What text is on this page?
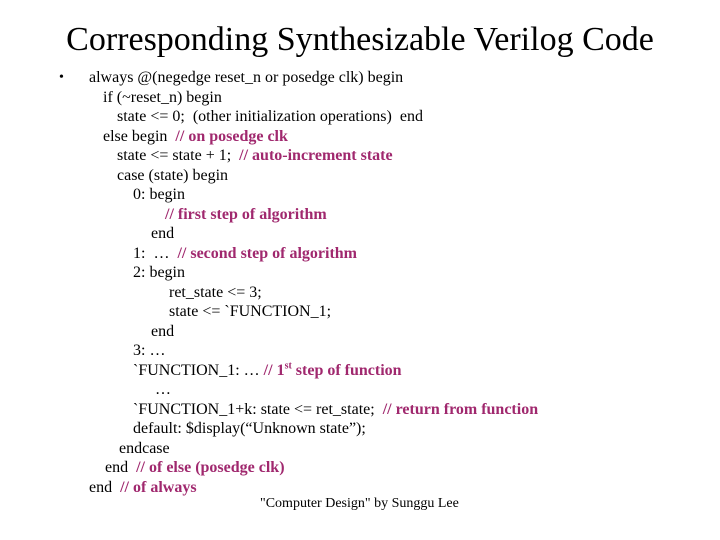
Corresponding Synthesizable Verilog Code
• always @(negedge reset_n or posedge clk) begin
if (~reset_n) begin
state <= 0;  (other initialization operations)  end
else begin  // on posedge clk
state <= state + 1;  // auto-increment state
case (state) begin
0: begin
// first step of algorithm
end
1:  …  // second step of algorithm
2: begin
ret_state <= 3;
state <= `FUNCTION_1;
end
3: …
`FUNCTION_1: … // 1st step of function
…
`FUNCTION_1+k: state <= ret_state;  // return from function
default: $display(“Unknown state”);
endcase
end  // of else (posedge clk)
end  // of always
"Computer Design" by Sunggu Lee
